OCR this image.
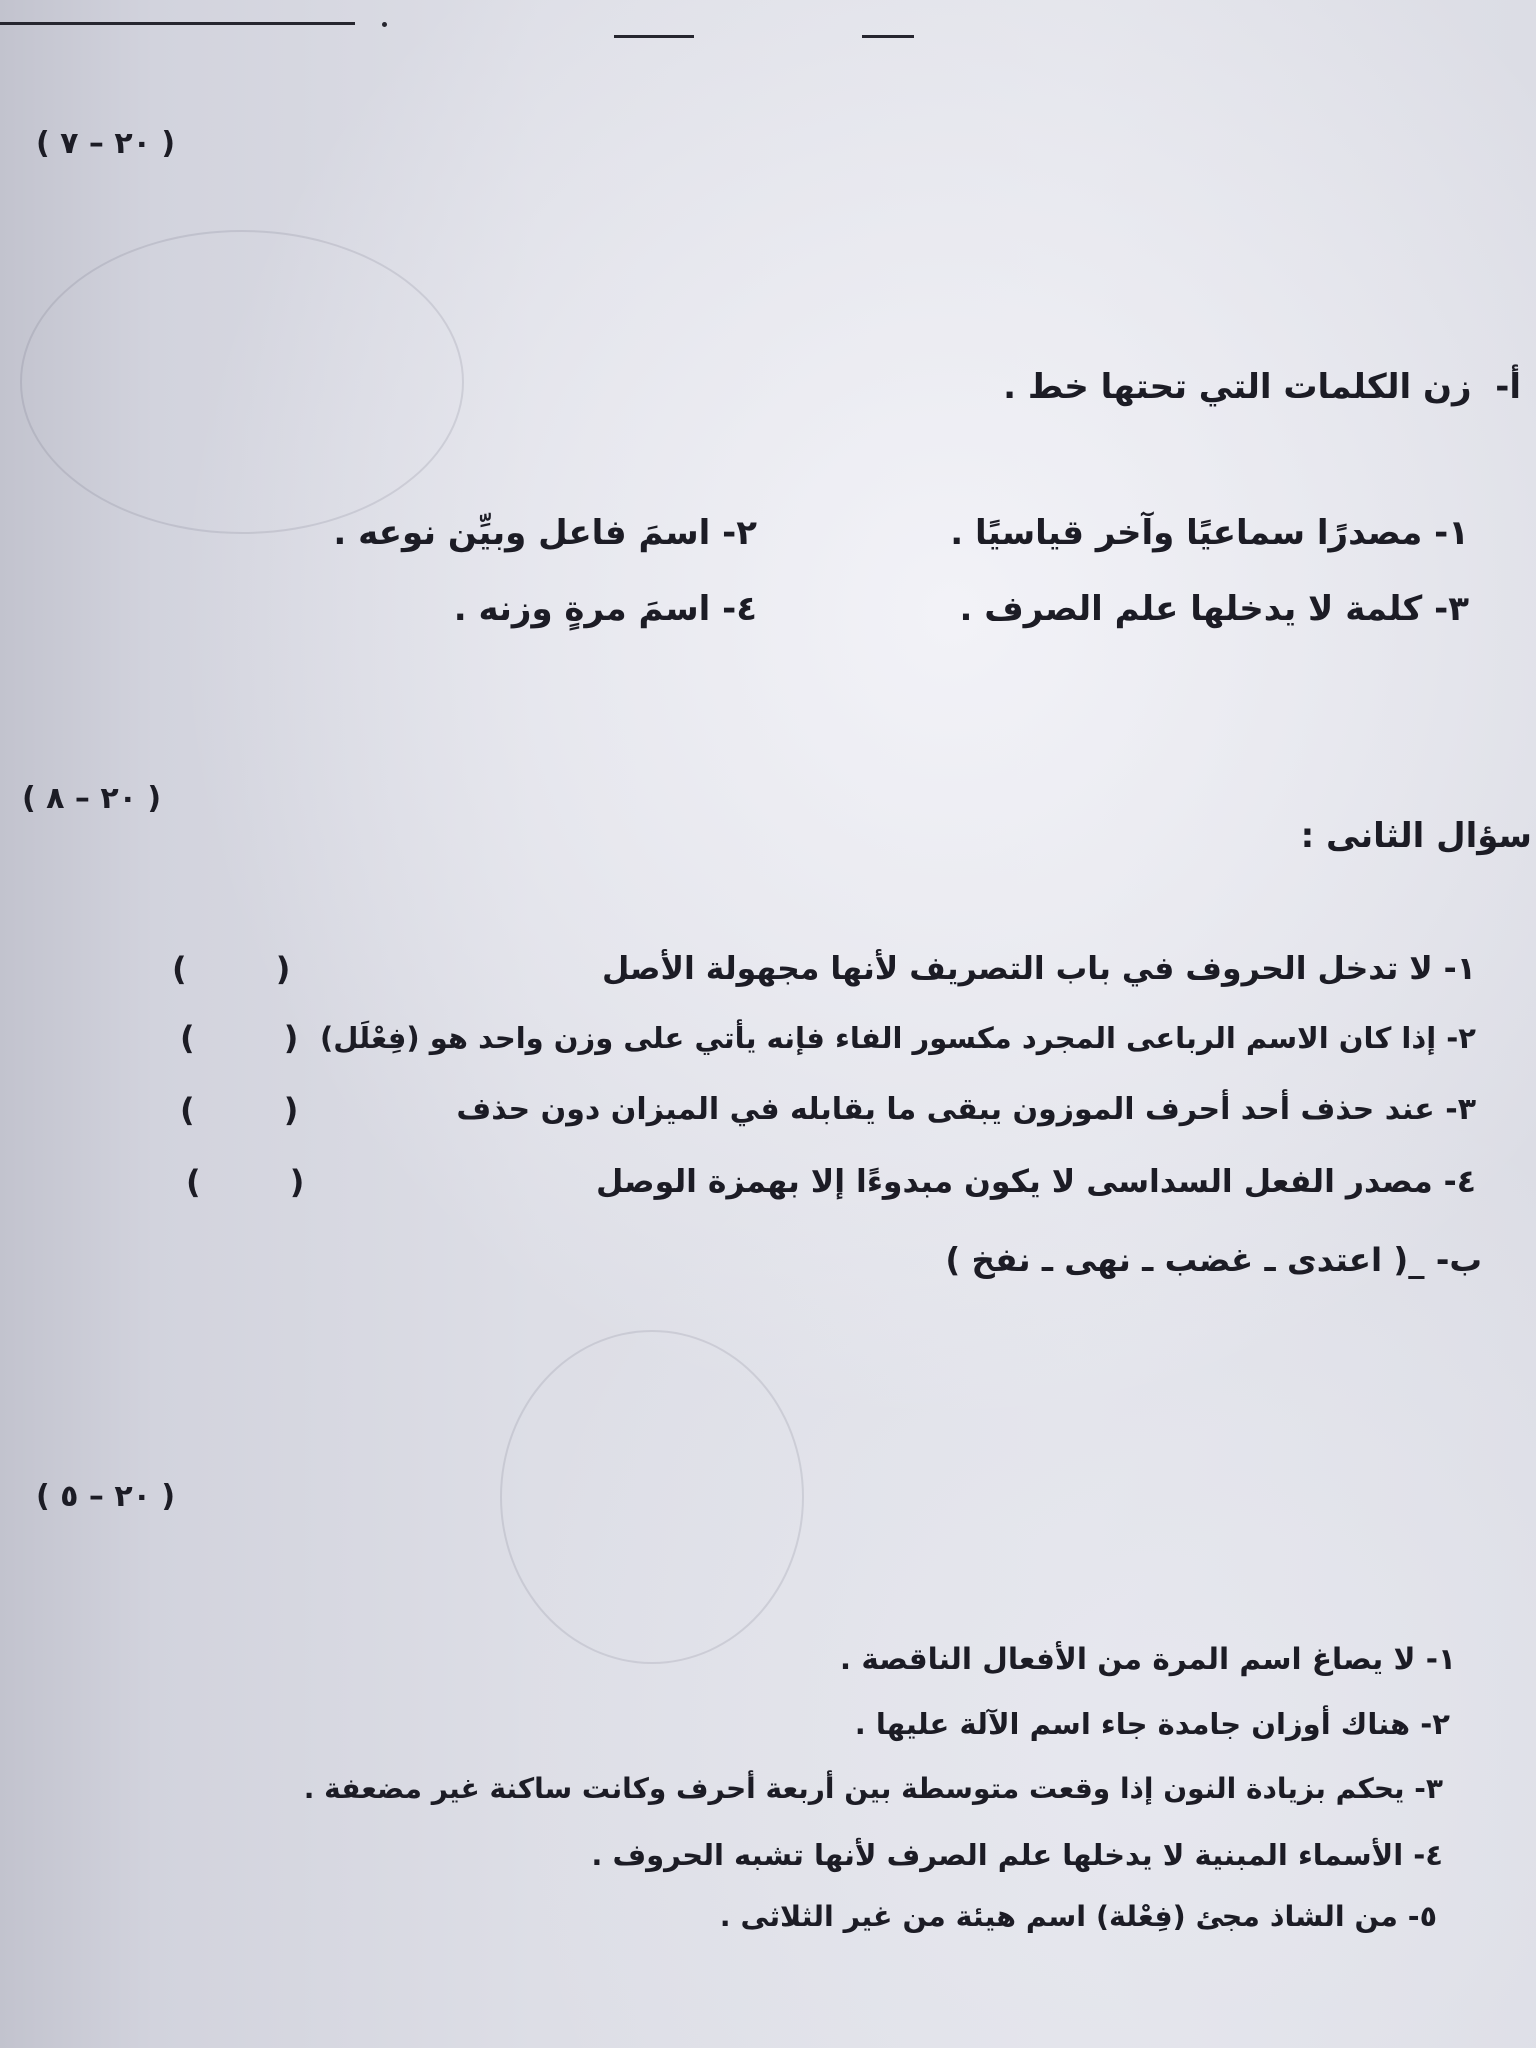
( ٢٠ – ٧ )

أ-  زن الكلمات التي تحتها خط .

١- مصدرًا سماعيًا وآخر قياسيًا .
٢- اسمَ فاعل وبيِّن نوعه .
٣- كلمة لا يدخلها علم الصرف .
٤- اسمَ مرةٍ وزنه .

( ٢٠ – ٨ )
سؤال الثانى :

١- لا تدخل الحروف في باب التصريف لأنها مجهولة الأصل
(        )
٢- إذا كان الاسم الرباعى المجرد مكسور الفاء فإنه يأتي على وزن واحد هو (فِعْلَل)
(        )
٣- عند حذف أحد أحرف الموزون يبقى ما يقابله في الميزان دون حذف
(        )
٤- مصدر الفعل السداسى لا يكون مبدوءًا إلا بهمزة الوصل
(        )
ب- _( اعتدى ـ غضب ـ نهى ـ نفخ )

( ٢٠ – ٥ )

١- لا يصاغ اسم المرة من الأفعال الناقصة .
٢- هناك أوزان جامدة جاء اسم الآلة عليها .
٣- يحكم بزيادة النون إذا وقعت متوسطة بين أربعة أحرف وكانت ساكنة غير مضعفة .
٤- الأسماء المبنية لا يدخلها علم الصرف لأنها تشبه الحروف .
٥- من الشاذ مجئ (فِعْلة) اسم هيئة من غير الثلاثى .
